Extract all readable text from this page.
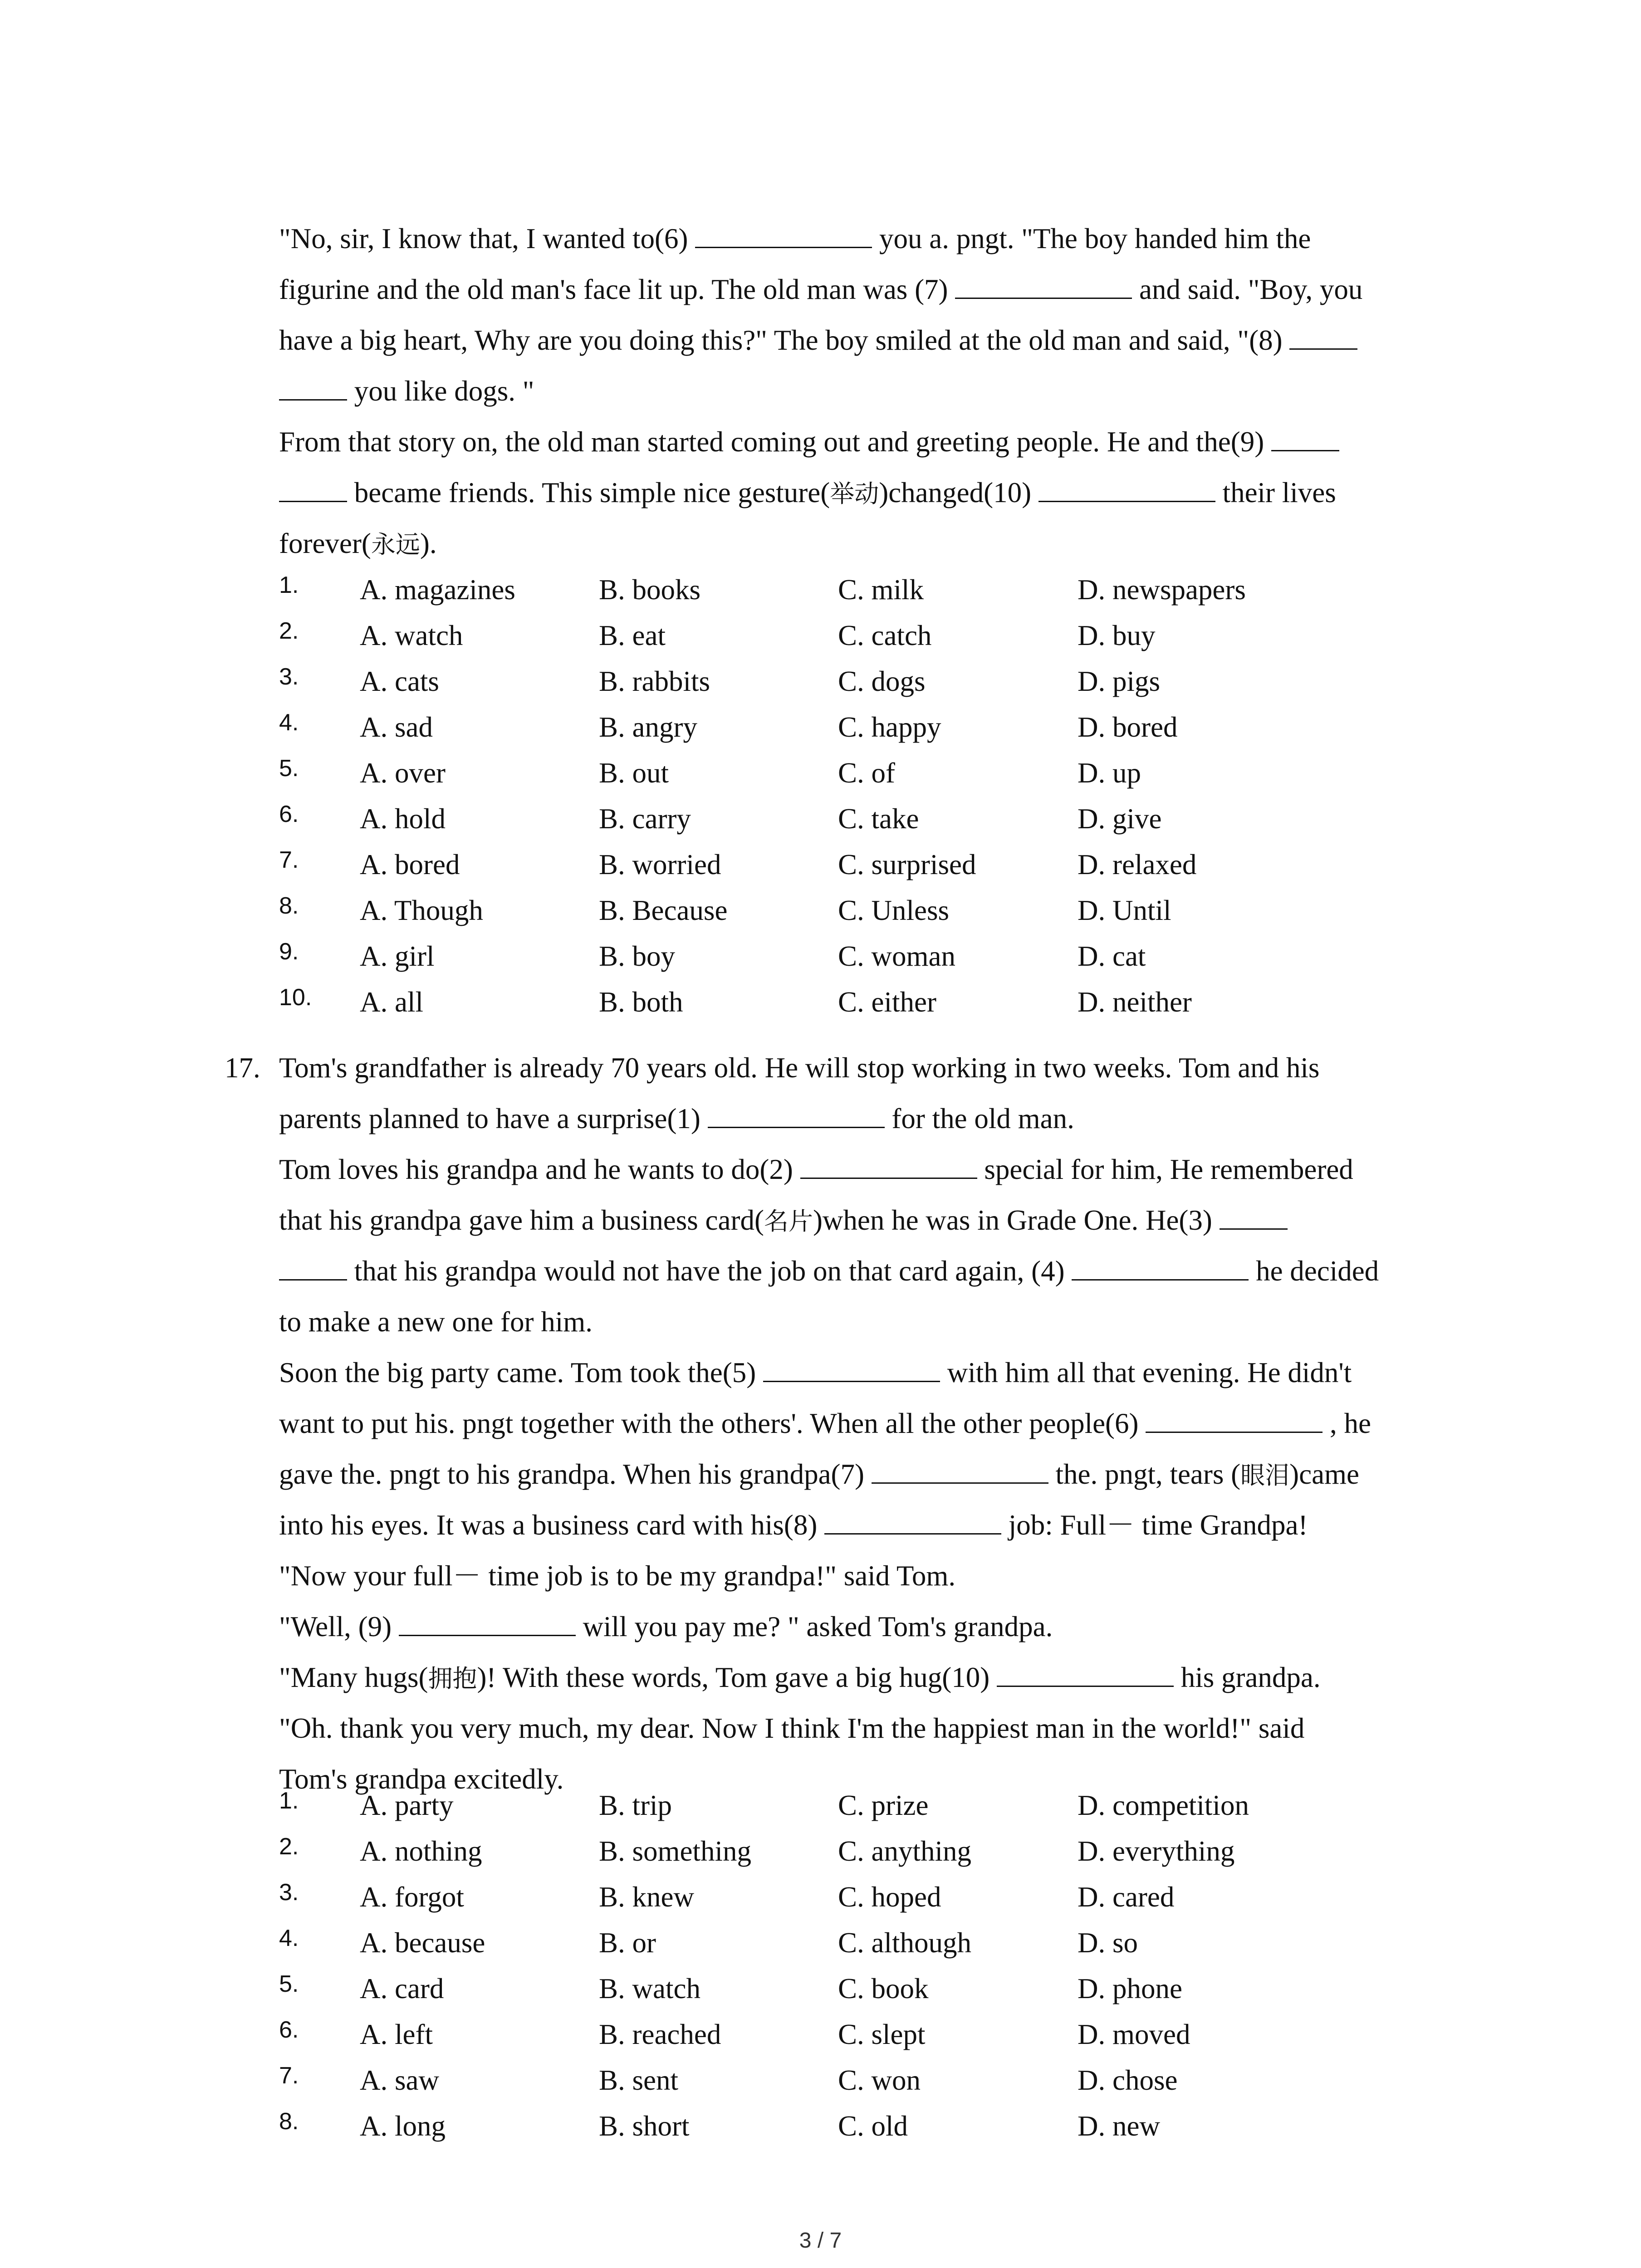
"No, sir, I know that, I wanted to(6)	you a. pngt. "The boy handed him the
figurine and the old man's face lit up. The old man was (7)	and said. "Boy, you
have a big heart, Why are you doing this?" The boy smiled at the old man and said, "(8)
you like dogs. "
From that story on, the old man started coming out and greeting people. He and the(9)
became friends. This simple nice gesture(举动)changed(10)	their lives
forever(永远).
1. A. magazines	B. books	C. milk	D. newspapers
2. A. watch	B. eat	C. catch	D. buy
3. A. cats	B. rabbits	C. dogs	D. pigs
4. A. sad	B. angry	C. happy	D. bored
5. A. over	B. out	C. of	D. up
6. A. hold	B. carry	C. take	D. give
7. A. bored	B. worried	C. surprised	D. relaxed
8. A. Though	B. Because	C. Unless	D. Until
9. A. girl	B. boy	C. woman	D. cat
10. A. all	B. both	C. either	D. neither
17. Tom's grandfather is already 70 years old. He will stop working in two weeks. Tom and his
parents planned to have a surprise(1)	for the old man.
Tom loves his grandpa and he wants to do(2)	special for him, He remembered
that his grandpa gave him a business card(名片)when he was in Grade One. He(3)
that his grandpa would not have the job on that card again, (4)	he decided
to make a new one for him.
Soon the big party came. Tom took the(5)	with him all that evening. He didn't
want to put his. pngt together with the others'. When all the other people(6)	, he
gave the. pngt to his grandpa. When his grandpa(7)	the. pngt, tears (眼泪)came
into his eyes. It was a business card with his(8)	job: Full－ time Grandpa!
"Now your full－ time job is to be my grandpa!" said Tom.
"Well, (9)	will you pay me? " asked Tom's grandpa.
"Many hugs(拥抱)! With these words, Tom gave a big hug(10)	his grandpa.
"Oh. thank you very much, my dear. Now I think I'm the happiest man in the world!" said
Tom's grandpa excitedly.
1. A. party	B. trip	C. prize	D. competition
2. A. nothing	B. something	C. anything	D. everything
3. A. forgot	B. knew	C. hoped	D. cared
4. A. because	B. or	C. although	D. so
5. A. card	B. watch	C. book	D. phone
6. A. left	B. reached	C. slept	D. moved
7. A. saw	B. sent	C. won	D. chose
8. A. long	B. short	C. old	D. new
3 / 7
